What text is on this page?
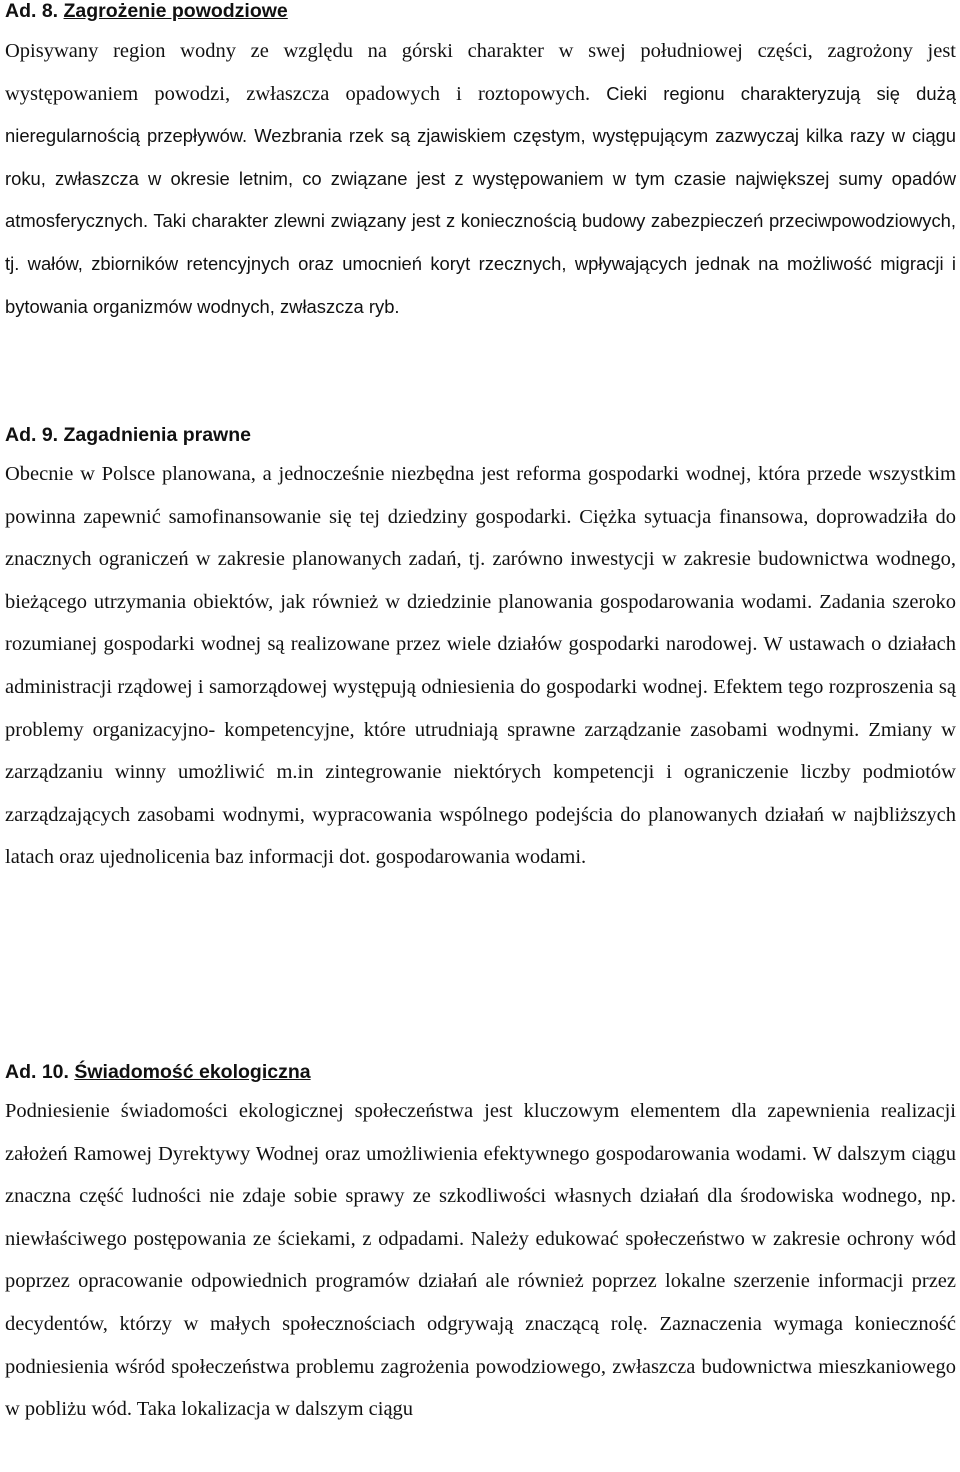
Ad. 8. Zagrożenie powodziowe

Opisywany region wodny ze względu na górski charakter w swej południowej części, zagrożony jest występowaniem powodzi, zwłaszcza opadowych i roztopowych. Cieki regionu charakteryzują się dużą nieregularnością przepływów. Wezbrania rzek są zjawiskiem częstym, występującym zazwyczaj kilka razy w ciągu roku, zwłaszcza w okresie letnim, co związane jest z występowaniem w tym czasie największej sumy opadów atmosferycznych. Taki charakter zlewni związany jest z koniecznością budowy zabezpieczeń przeciwpowodziowych, tj. wałów, zbiorników retencyjnych oraz umocnień koryt rzecznych, wpływających jednak na możliwość migracji i bytowania organizmów wodnych, zwłaszcza ryb.

Ad. 9. Zagadnienia prawne

Obecnie w Polsce planowana, a jednocześnie niezbędna jest reforma gospodarki wodnej, która przede wszystkim powinna zapewnić samofinansowanie się tej dziedziny gospodarki. Ciężka sytuacja finansowa, doprowadziła do znacznych ograniczeń w zakresie planowanych zadań, tj. zarówno inwestycji w zakresie budownictwa wodnego, bieżącego utrzymania obiektów, jak również w dziedzinie planowania gospodarowania wodami. Zadania szeroko rozumianej gospodarki wodnej są realizowane przez wiele działów gospodarki narodowej. W ustawach o działach administracji rządowej i samorządowej występują odniesienia do gospodarki wodnej. Efektem tego rozproszenia są problemy organizacyjno- kompetencyjne, które utrudniają sprawne zarządzanie zasobami wodnymi. Zmiany w zarządzaniu winny umożliwić m.in zintegrowanie niektórych kompetencji i ograniczenie liczby podmiotów zarządzających zasobami wodnymi, wypracowania wspólnego podejścia do planowanych działań w najbliższych latach oraz ujednolicenia baz informacji dot. gospodarowania wodami.

Ad. 10. Świadomość ekologiczna

Podniesienie świadomości ekologicznej społeczeństwa jest kluczowym elementem dla zapewnienia realizacji założeń Ramowej Dyrektywy Wodnej oraz umożliwienia efektywnego gospodarowania wodami. W dalszym ciągu znaczna część ludności nie zdaje sobie sprawy ze szkodliwości własnych działań dla środowiska wodnego, np. niewłaściwego postępowania ze ściekami, z odpadami. Należy edukować społeczeństwo w zakresie ochrony wód poprzez opracowanie odpowiednich programów działań ale również poprzez lokalne szerzenie informacji przez decydentów, którzy w małych społecznościach odgrywają znaczącą rolę. Zaznaczenia wymaga konieczność podniesienia wśród społeczeństwa problemu zagrożenia powodziowego, zwłaszcza budownictwa mieszkaniowego w pobliżu wód. Taka lokalizacja w dalszym ciągu
